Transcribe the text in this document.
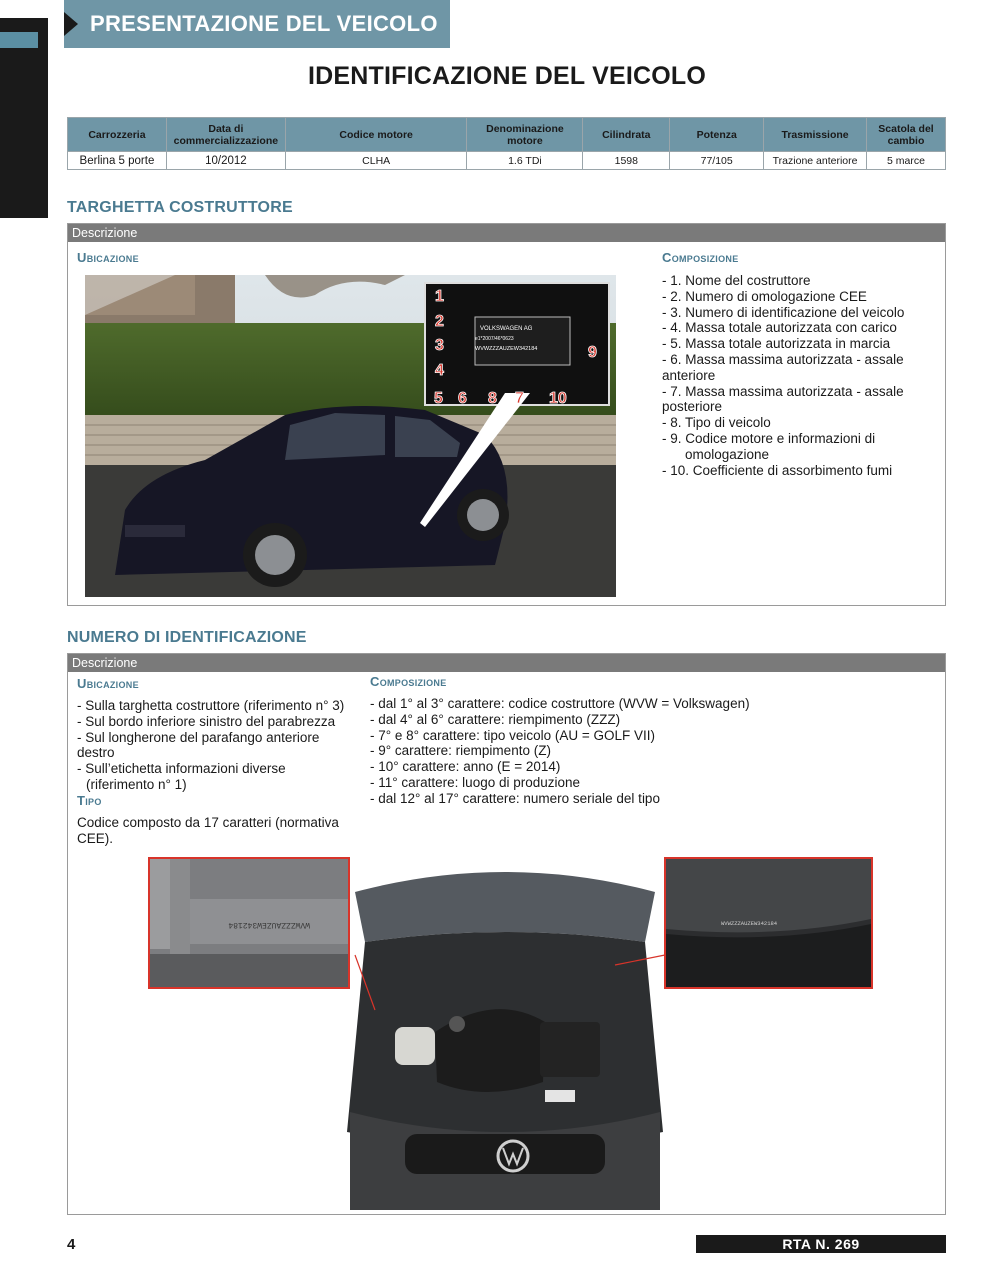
PRESENTAZIONE DEL VEICOLO
IDENTIFICAZIONE DEL VEICOLO
Carrozzeria	Data di commercializzazione	Codice motore	Denominazione motore	Cilindrata	Potenza	Trasmissione	Scatola del cambio
Berlina 5 porte	10/2012	CLHA	1.6 TDi	1598	77/105	Trazione anteriore	5 marce
TARGHETTA COSTRUTTORE
Descrizione
Ubicazione	Composizione
VOLKSWAGEN AG
e1*2007/46*0623
WVWZZZAUZEW342184
1
2
3
4
5 6 8 7 10
9
- 1. Nome del costruttore
- 2. Numero di omologazione CEE
- 3. Numero di identificazione del veicolo
- 4. Massa totale autorizzata con carico
- 5. Massa totale autorizzata in marcia
- 6. Massa massima autorizzata - assale anteriore
- 7. Massa massima autorizzata - assale posteriore
- 8. Tipo di veicolo
- 9. Codice motore e informazioni di omologazione
- 10. Coefficiente di assorbimento fumi
NUMERO DI IDENTIFICAZIONE
Descrizione
Ubicazione
- Sulla targhetta costruttore (riferimento n° 3)
- Sul bordo inferiore sinistro del parabrezza
- Sul longherone del parafango anteriore destro
- Sull’etichetta informazioni diverse (riferimento n° 1)
Tipo
Codice composto da 17 caratteri (normativa CEE).
Composizione
- dal 1° al 3° carattere: codice costruttore (WVW = Volkswagen)
- dal 4° al 6° carattere: riempimento (ZZZ)
- 7° e 8° carattere: tipo veicolo (AU = GOLF VII)
- 9° carattere: riempimento (Z)
- 10° carattere: anno (E = 2014)
- 11° carattere: luogo di produzione
- dal 12° al 17° carattere: numero seriale del tipo
WVWZZZAUZEW342184	WVWZZZAUZEW342184
4	RTA N. 269
